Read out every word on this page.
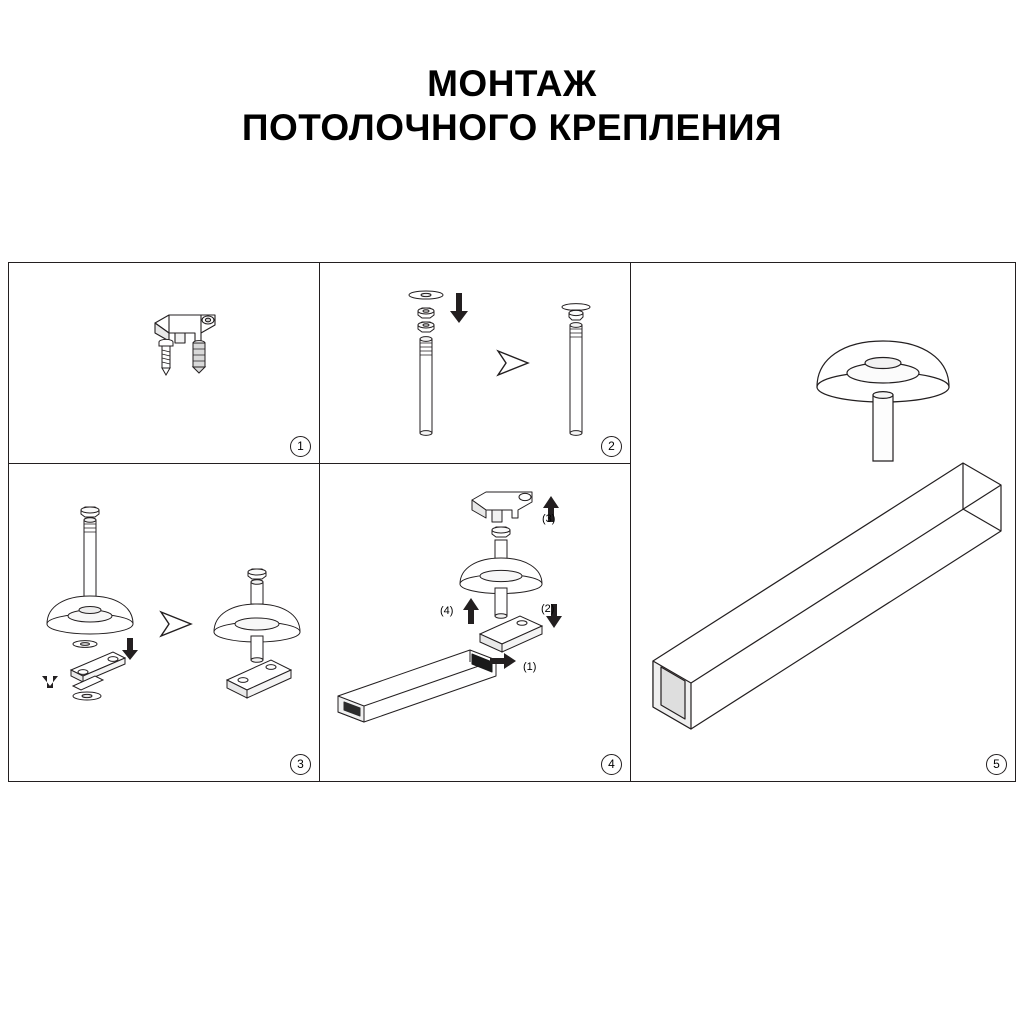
МОНТАЖ
ПОТОЛОЧНОГО КРЕПЛЕНИЯ
1	2
3
(2)
(3)
(4)
(1)
4	5
